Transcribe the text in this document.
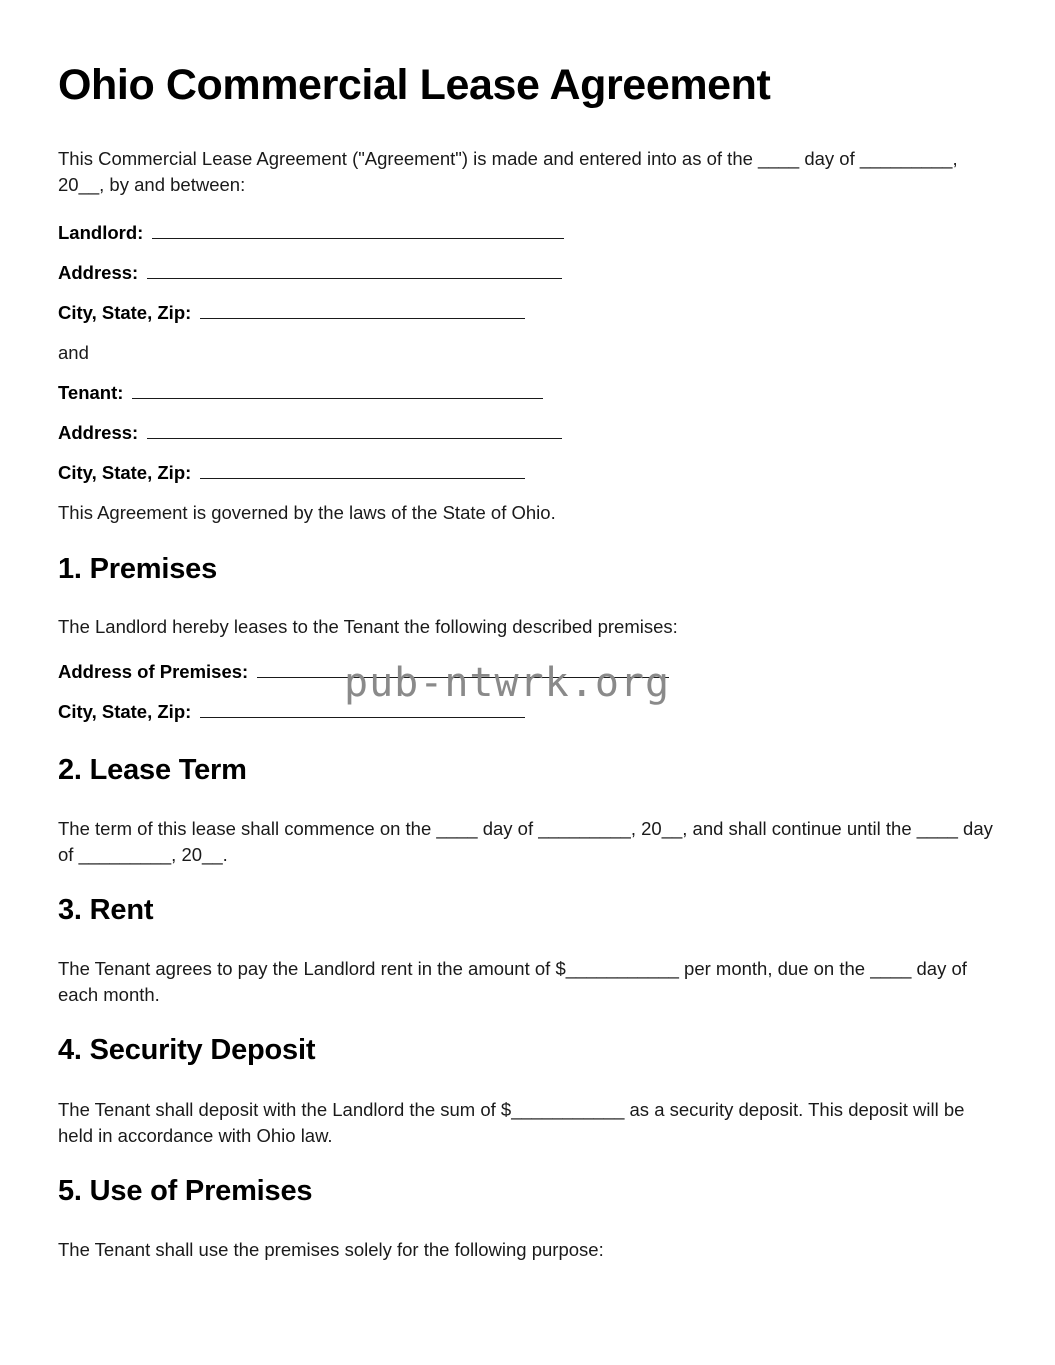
Ohio Commercial Lease Agreement

This Commercial Lease Agreement ("Agreement") is made and entered into as of the ____ day of _________, 20__, by and between:

Landlord:
Address:
City, State, Zip:

and

Tenant:
Address:
City, State, Zip:

This Agreement is governed by the laws of the State of Ohio.

1. Premises

The Landlord hereby leases to the Tenant the following described premises:

Address of Premises:
City, State, Zip:
2. Lease Term

The term of this lease shall commence on the ____ day of _________, 20__, and shall continue until the ____ day of _________, 20__.

3. Rent

The Tenant agrees to pay the Landlord rent in the amount of $___________ per month, due on the ____ day of each month.

4. Security Deposit

The Tenant shall deposit with the Landlord the sum of $___________ as a security deposit. This deposit will be held in accordance with Ohio law.

5. Use of Premises

The Tenant shall use the premises solely for the following purpose:

pub-ntwrk.org
